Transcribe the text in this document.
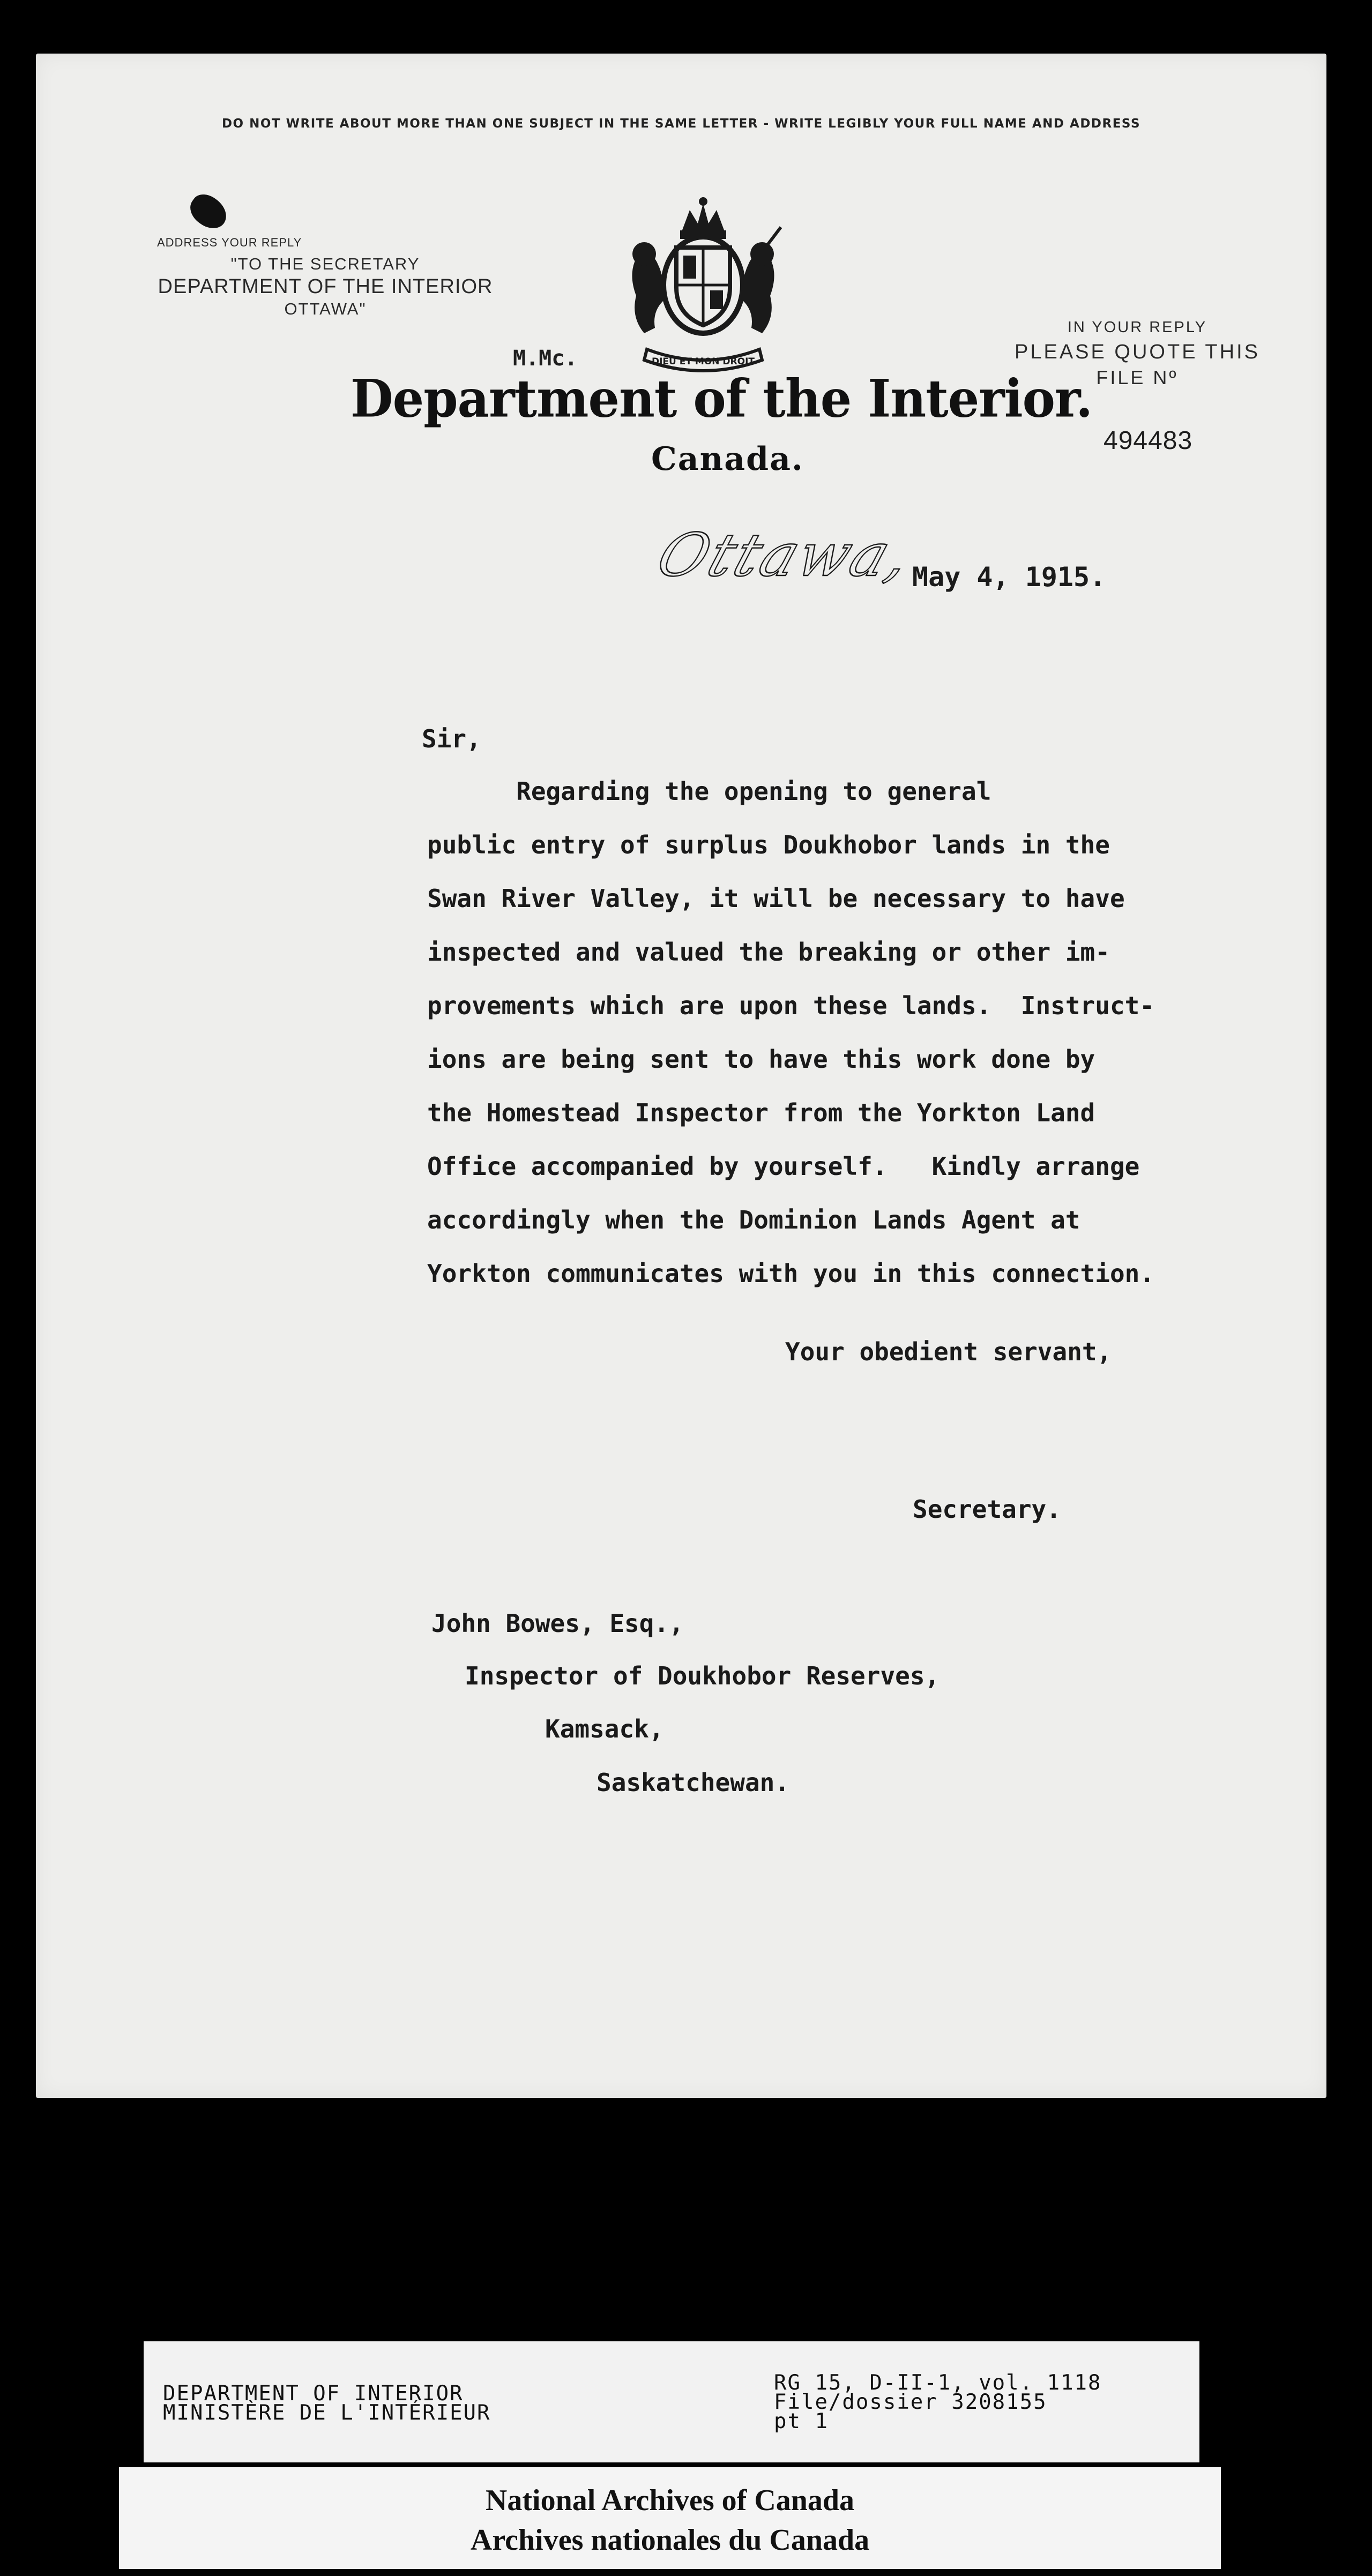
DO NOT WRITE ABOUT MORE THAN ONE SUBJECT IN THE SAME LETTER - WRITE LEGIBLY YOUR FULL NAME AND ADDRESS
ADDRESS YOUR REPLY
"TO THE SECRETARY
DEPARTMENT OF THE INTERIOR
OTTAWA"
DIEU ET MON DROIT
M.Mc.
Department of the Interior.
Canada.
IN YOUR REPLY
PLEASE QUOTE THIS
FILE Nº
494483
Ottawa,
May 4, 1915.
Sir,
Regarding the opening to general
public entry of surplus Doukhobor lands in the
Swan River Valley, it will be necessary to have
inspected and valued the breaking or other im-
provements which are upon these lands.  Instruct-
ions are being sent to have this work done by
the Homestead Inspector from the Yorkton Land
Office accompanied by yourself.   Kindly arrange
accordingly when the Dominion Lands Agent at
Yorkton communicates with you in this connection.
Your obedient servant,
Secretary.
John Bowes, Esq.,
Inspector of Doukhobor Reserves,
Kamsack,
Saskatchewan.
DEPARTMENT OF INTERIOR
MINISTÈRE DE L'INTÉRIEUR
RG 15, D-II-1, vol. 1118
File/dossier 3208155
pt 1
National Archives of Canada
Archives nationales du Canada
